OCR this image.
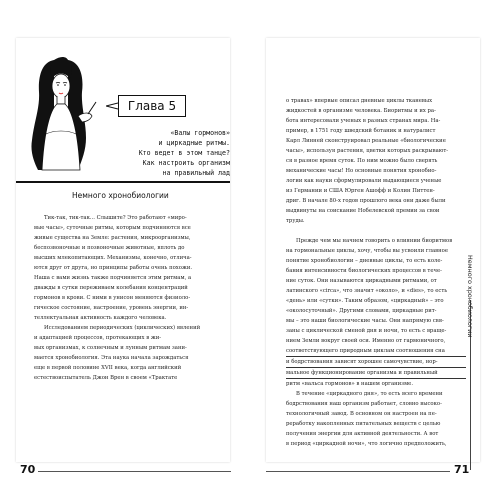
Глава 5
«Валы гормонов»
и циркадные ритмы.
Кто ведет в этом танце?
Как настроить организм
на правильный лад
Немного хронобиологии
Тик-так, тик-так... Слышите? Это работают «миро-
вые часы», суточные ритмы, которым подчиняются все
живые существа на Земле: растения, микроорганизмы,
беспозвоночные и позвоночные животные, вплоть до
высших млекопитающих. Механизмы, конечно, отлича-
ются друг от друга, но принципы работы очень похожи.
Наша с вами жизнь также подчиняется этим ритмам, а
дважды в сутки переживаем колебания концентраций
гормонов в крови. С ними в унисон меняются физиоло-
гическое состояние, настроение, уровень энергии, ин-
теллектуальная активность каждого человека.
Исследованием периодических (циклических) явлений
и адаптацией процессов, протекающих в жи-
вых организмах, к солнечным и лунным ритмам зани-
мается хронобиология. Эта наука начала зарождаться
еще в первой половине XVII века, когда английский
естествоиспытатель Джон Врен в своем «Трактате
о травах» впервые описал дневные циклы тканевых
жидкостей в организме человека. Биоритмы и их ра-
бота интересовали ученых в разных странах мира. На-
пример, в 1751 году шведский ботаник и натуралист
Карл Линней сконструировал реальные «биологические
часы», используя растения, цветки которых раскрывают-
ся в разное время суток. По ним можно было сверять
механические часы! Но основные понятия хронобио-
логии как науки сформулировали выдающиеся ученые
из Германии и США Юрген Ашофф и Колин Питтен-
дриг. В начале 80-х годов прошлого века они даже были
выдвинуты на соискание Нобелевской премии за свои
труды.

Прежде чем мы начнем говорить о влиянии биоритмов
на гормональные циклы, хочу, чтобы вы усвоили главное
понятие хронобиологии – дневные циклы, то есть коле-
бания интенсивности биологических процессов в тече-
ние суток. Они называются циркадными ритмами, от
латинского «circa», что значит «около», и «dies», то есть
«день» или «сутки». Таким образом, «циркадный» – это
«околосуточный». Другими словами, циркадные рит-
мы – это наши биологические часы. Они напрямую свя-
заны с циклической сменой дня и ночи, то есть с враще-
нием Земли вокруг своей оси. Именно от гармоничного,
соответствующего природным циклам соотношения сна
и бодрствования зависят хорошее самочувствие, нор-
мальное функционирование организма и правильный
ритм «вальса гормонов» в нашем организме.
В течение «циркадного дня», то есть всего времени
бодрствования наш организм работает, словно высоко-
технологичный завод. В основном он настроен на пе-
реработку накопленных питательных веществ с целью
получения энергии для активной деятельности. А вот
в период «циркадной ночи», что логично предположить,
70	71
Немного хронобиологии
